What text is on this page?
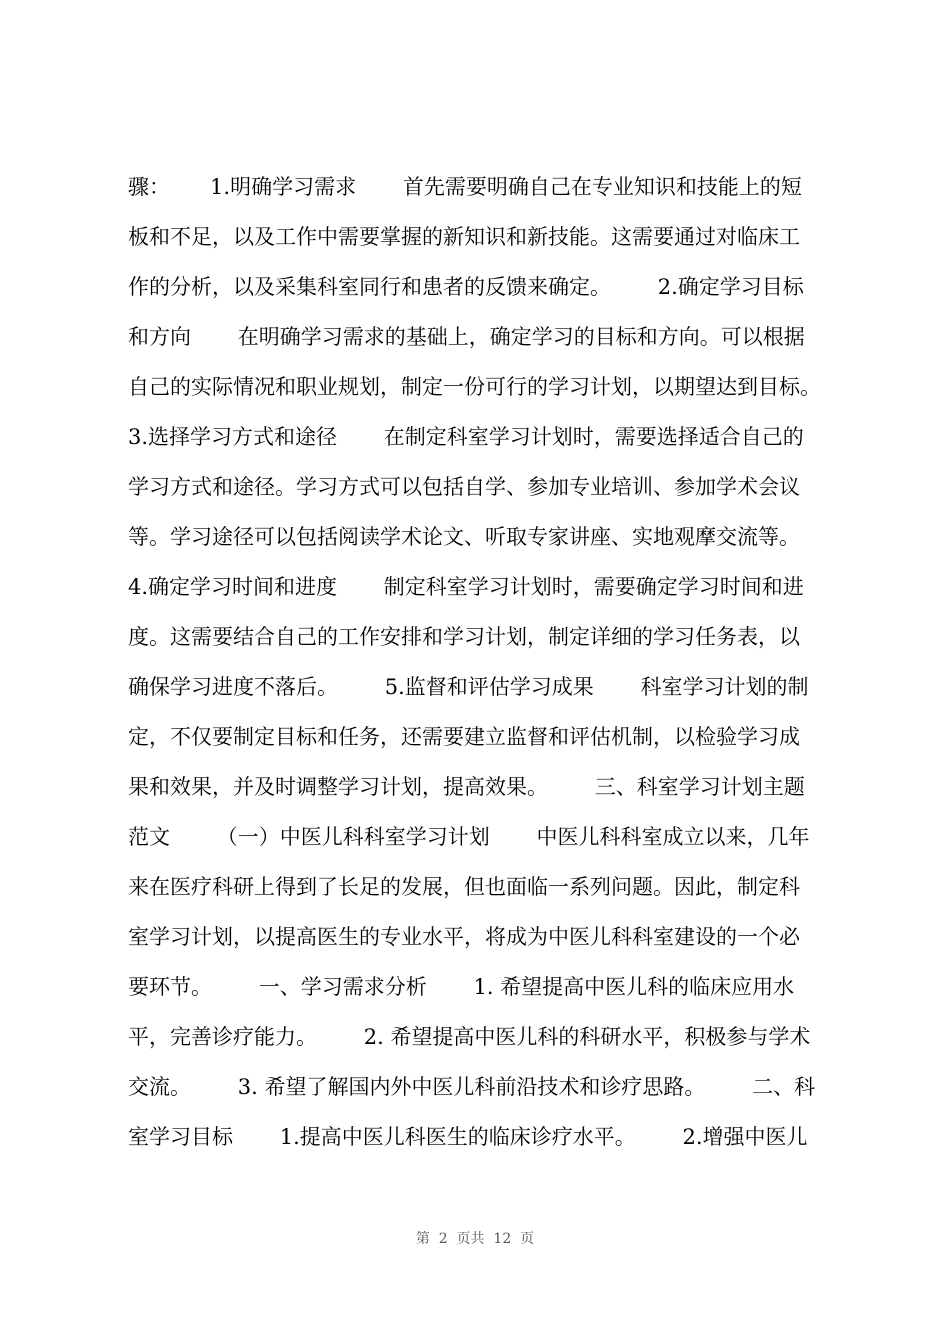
骤：      1.明确学习需求       首先需要明确自己在专业知识和技能上的短
板和不足，以及工作中需要掌握的新知识和新技能。这需要通过对临床工
作的分析，以及采集科室同行和患者的反馈来确定。       2.确定学习目标
和方向       在明确学习需求的基础上，确定学习的目标和方向。可以根据
自己的实际情况和职业规划，制定一份可行的学习计划，以期望达到目标。
3.选择学习方式和途径       在制定科室学习计划时，需要选择适合自己的
学习方式和途径。学习方式可以包括自学、参加专业培训、参加学术会议
等。学习途径可以包括阅读学术论文、听取专家讲座、实地观摩交流等。
4.确定学习时间和进度       制定科室学习计划时，需要确定学习时间和进
度。这需要结合自己的工作安排和学习计划，制定详细的学习任务表，以
确保学习进度不落后。       5.监督和评估学习成果       科室学习计划的制
定，不仅要制定目标和任务，还需要建立监督和评估机制，以检验学习成
果和效果，并及时调整学习计划，提高效果。       三、科室学习计划主题
范文       （一）中医儿科科室学习计划       中医儿科科室成立以来，几年
来在医疗科研上得到了长足的发展，但也面临一系列问题。因此，制定科
室学习计划，以提高医生的专业水平，将成为中医儿科科室建设的一个必
要环节。       一、学习需求分析       1. 希望提高中医儿科的临床应用水
平，完善诊疗能力。       2. 希望提高中医儿科的科研水平，积极参与学术
交流。       3. 希望了解国内外中医儿科前沿技术和诊疗思路。       二、科
室学习目标       1.提高中医儿科医生的临床诊疗水平。       2.增强中医儿
第  2  页共  12  页
